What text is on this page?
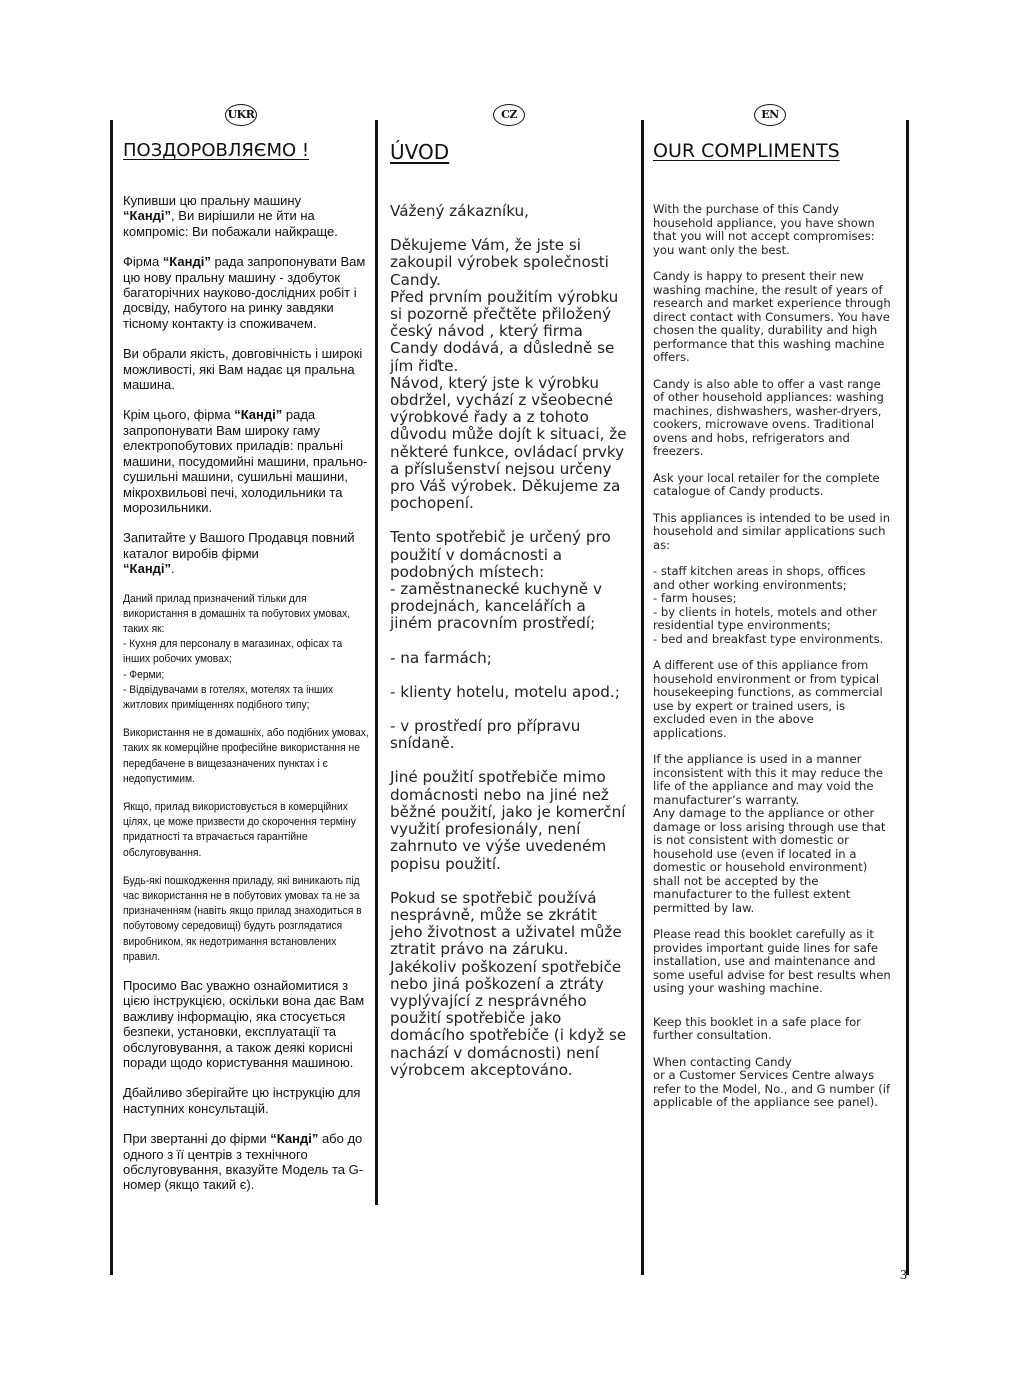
UKR	CZ	EN
ПОЗДОРОВЛЯЄМО !	ÚVOD	OUR COMPLIMENTS

Купивши цю пральну машину
“Канді”, Ви вирішили не йти на компроміс: Ви побажали найкраще.

Фірма “Канді” рада запропонувати Вам цю нову пральну машину - здобуток багаторічних науково-дослідних робіт і досвіду, набутого на ринку завдяки тісному контакту із споживачем.

Ви обрали якість, довговічність і широкі можливості, які Вам надає ця пральна машина.

Крім цього, фірма “Канді” рада запропонувати Вам широку гаму електропобутових приладів: пральні машини, посудомийні машини, прально-сушильні машини, сушильні машини, мікрохвильові печі, холодильники та морозильники.

Запитайте у Вашого Продавця повний каталог виробів фірми
“Канді”.

Даний прилад призначений тільки для використання в домашніх та побутових умовах, таких як:
- Кухня для персоналу в магазинах, офісах та інших робочих умовах;
- Ферми;
- Відвідувачами в готелях, мотелях та інших житлових приміщеннях подібного типу;

Використання не в домашніх, або подібних умовах, таких як комерційне професійне використання не передбачене в вищезазначених пунктах і є недопустимим.

Якщо, прилад використовується в комерційних цілях, це може призвести до скорочення терміну придатності та втрачається гарантійне обслуговування.

Будь-які пошкодження приладу, які виникають під час використання не в побутових умовах та не за призначенням (навіть якщо прилад знаходиться в побутовому середовищі) будуть розглядатися виробником, як недотримання встановлених правил.

Просимо Вас уважно ознайомитися з цією інструкцією, оскільки вона дає Вам важливу інформацію, яка стосується безпеки, установки, експлуатації та обслуговування, а також деякі корисні поради щодо користування машиною.

Дбайливо зберігайте цю інструкцію для наступних консультацій.

При звертанні до фірми “Канді” або до одного з її центрів з технічного обслуговування, вказуйте Модель та G-номер (якщо такий є).

Vážený zákazníku,

Děkujeme Vám, že jste si zakoupil výrobek společnosti Candy.
Před prvním použitím výrobku si pozorně přečtěte přiložený český návod , který firma Candy dodává, a důsledně se jím řiďte.
Návod, který jste k výrobku obdržel, vychází z všeobecné výrobkové řady a z tohoto důvodu může dojít k situaci, že některé funkce, ovládací prvky a příslušenství nejsou určeny pro Váš výrobek. Děkujeme za pochopení.

Tento spotřebič je určený pro použití v domácnosti a podobných místech:
- zaměstnanecké kuchyně v prodejnách, kancelářích a jiném pracovním prostředí;

- na farmách;

- klienty hotelu, motelu apod.;

- v prostředí pro přípravu snídaně.

Jiné použití spotřebiče mimo domácnosti nebo na jiné než běžné použití, jako je komerční využití profesionály, není zahrnuto ve výše uvedeném popisu použití.

Pokud se spotřebič používá nesprávně, může se zkrátit jeho životnost a uživatel může ztratit právo na záruku.
Jakékoliv poškození spotřebiče nebo jiná poškození a ztráty vyplývající z nesprávného použití spotřebiče jako domácího spotřebiče (i když se nachází v domácnosti) není výrobcem akceptováno.

With the purchase of this Candy household appliance, you have shown that you will not accept compromises: you want only the best.

Candy is happy to present their new washing machine, the result of years of research and market experience through direct contact with Consumers. You have chosen the quality, durability and high performance that this washing machine offers.

Candy is also able to offer a vast range of other household appliances: washing machines, dishwashers, washer-dryers, cookers, microwave ovens. Traditional ovens and hobs, refrigerators and freezers.

Ask your local retailer for the complete catalogue of Candy products.

This appliances is intended to be used in household and similar applications such as:

- staff kitchen areas in shops, offices and other working environments;
- farm houses;
- by clients in hotels, motels and other residential type environments;
- bed and breakfast type environments.

A different use of this appliance from household environment or from typical housekeeping functions, as commercial use by expert or trained users, is excluded even in the above applications.

If the appliance is used in a manner inconsistent with this it may reduce the life of the appliance and may void the manufacturer’s warranty.
Any damage to the appliance or other damage or loss arising through use that is not consistent with domestic or household use (even if located in a domestic or household environment) shall not be accepted by the manufacturer to the fullest extent permitted by law.

Please read this booklet carefully as it provides important guide lines for safe installation, use and maintenance and some useful advise for best results when using your washing machine.

Keep this booklet in a safe place for further consultation.

When contacting Candy
or a Customer Services Centre always refer to the Model, No., and G number (if applicable of the appliance see panel).

3
